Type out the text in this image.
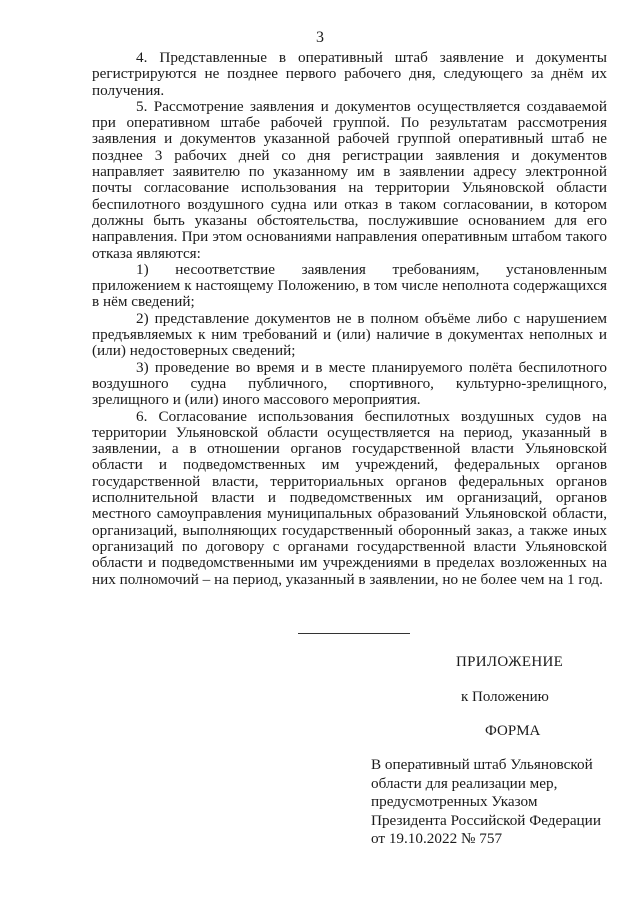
3

4. Представленные в оперативный штаб заявление и документы регистрируются не позднее первого рабочего дня, следующего за днём их получения.

5. Рассмотрение заявления и документов осуществляется создаваемой при оперативном штабе рабочей группой. По результатам рассмотрения заявления и документов указанной рабочей группой оперативный штаб не позднее 3 рабочих дней со дня регистрации заявления и документов направляет заявителю по указанному им в заявлении адресу электронной почты согласование использования на территории Ульяновской области беспилотного воздушного судна или отказ в таком согласовании, в котором должны быть указаны обстоятельства, послужившие основанием для его направления. При этом основаниями направления оперативным штабом такого отказа являются:

1) несоответствие заявления требованиям, установленным приложением к настоящему Положению, в том числе неполнота содержащихся в нём сведений;

2) представление документов не в полном объёме либо с нарушением предъявляемых к ним требований и (или) наличие в документах неполных и (или) недостоверных сведений;

3) проведение во время и в месте планируемого полёта беспилотного воздушного судна публичного, спортивного, культурно-зрелищного, зрелищного и (или) иного массового мероприятия.

6. Согласование использования беспилотных воздушных судов на территории Ульяновской области осуществляется на период, указанный в заявлении, а в отношении органов государственной власти Ульяновской области и подведомственных им учреждений, федеральных органов государственной власти, территориальных органов федеральных органов исполнительной власти и подведомственных им организаций, органов местного самоуправления муниципальных образований Ульяновской области, организаций, выполняющих государственный оборонный заказ, а также иных организаций по договору с органами государственной власти Ульяновской области и подведомственными им учреждениями в пределах возложенных на них полномочий – на период, указанный в заявлении, но не более чем на 1 год.

ПРИЛОЖЕНИЕ
к Положению
ФОРМА
В оперативный штаб Ульяновской
области для реализации мер,
предусмотренных Указом
Президента Российской Федерации
от 19.10.2022 № 757
